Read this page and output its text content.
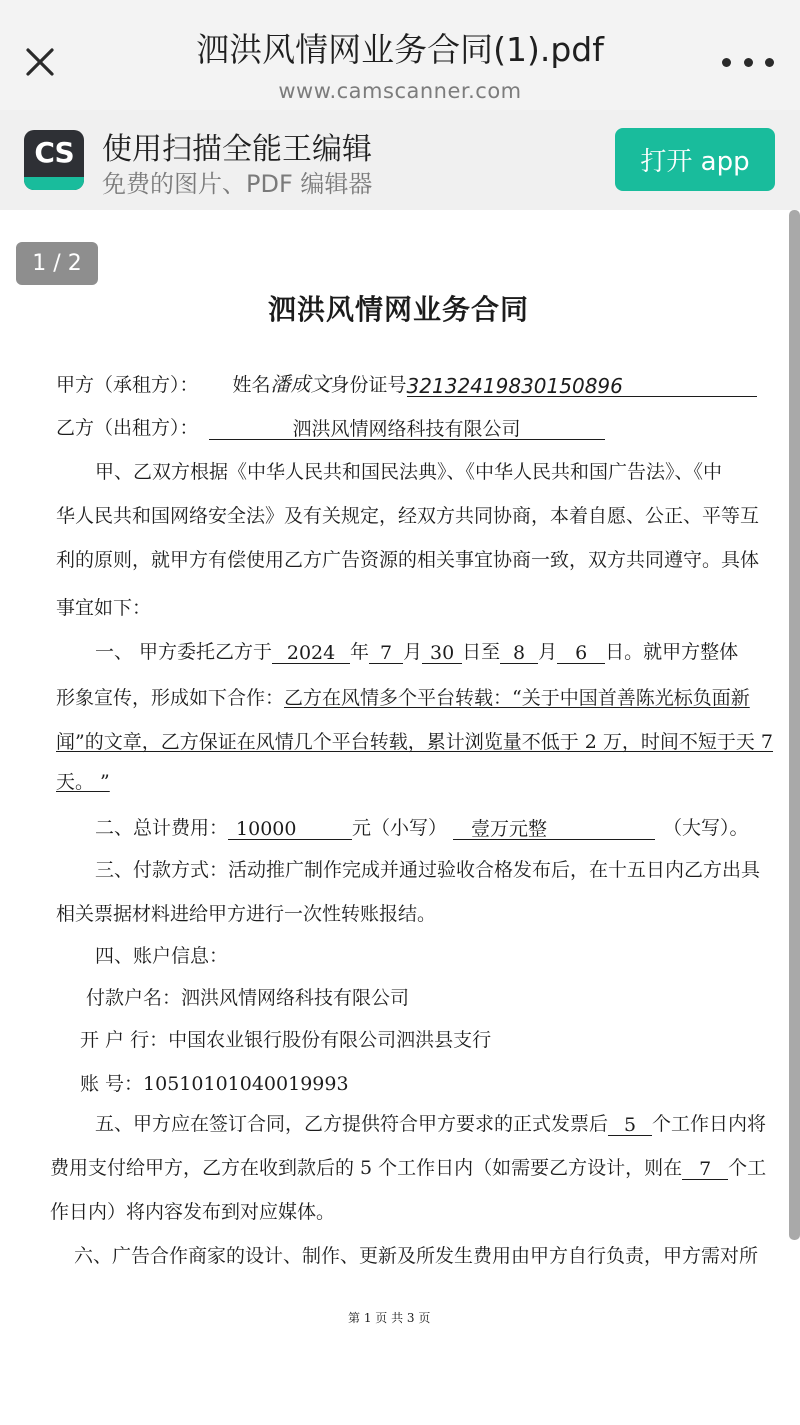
泗洪风情网业务合同(1).pdf
www.camscanner.com
CS 使用扫描全能王编辑
免费的图片、PDF 编辑器
打开 app
泗洪风情网业务合同
甲方（承租方）： 姓名潘成文身份证号32132419830150896
乙方（出租方）：	泗洪风情网络科技有限公司
甲、乙双方根据《中华人民共和国民法典》、《中华人民共和国广告法》、《中
华人民共和国网络安全法》及有关规定，经双方共同协商，本着自愿、公正、平等互
利的原则，就甲方有偿使用乙方广告资源的相关事宜协商一致，双方共同遵守。具体
事宜如下：
一、 甲方委托乙方于 2024 年 7 月 30 日至 8 月 6 日。就甲方整体
形象宣传，形成如下合作：乙方在风情多个平台转载：“关于中国首善陈光标负面新
闻”的文章，乙方保证在风情几个平台转载，累计浏览量不低于 2 万，时间不短于天 7
天。 ”
二、总计费用： 10000	元（小写） 壹万元整	（大写）。
三、付款方式：活动推广制作完成并通过验收合格发布后，在十五日内乙方出具
相关票据材料进给甲方进行一次性转账报结。
四、账户信息：
付款户名：泗洪风情网络科技有限公司
开 户 行：中国农业银行股份有限公司泗洪县支行
账 号：10510101040019993
五、甲方应在签订合同，乙方提供符合甲方要求的正式发票后 5 个工作日内将
费用支付给甲方，乙方在收到款后的 5 个工作日内（如需要乙方设计，则在 7 个工
作日内）将内容发布到对应媒体。
六、广告合作商家的设计、制作、更新及所发生费用由甲方自行负责，甲方需对所
第 1 页 共 3 页
1 / 2
